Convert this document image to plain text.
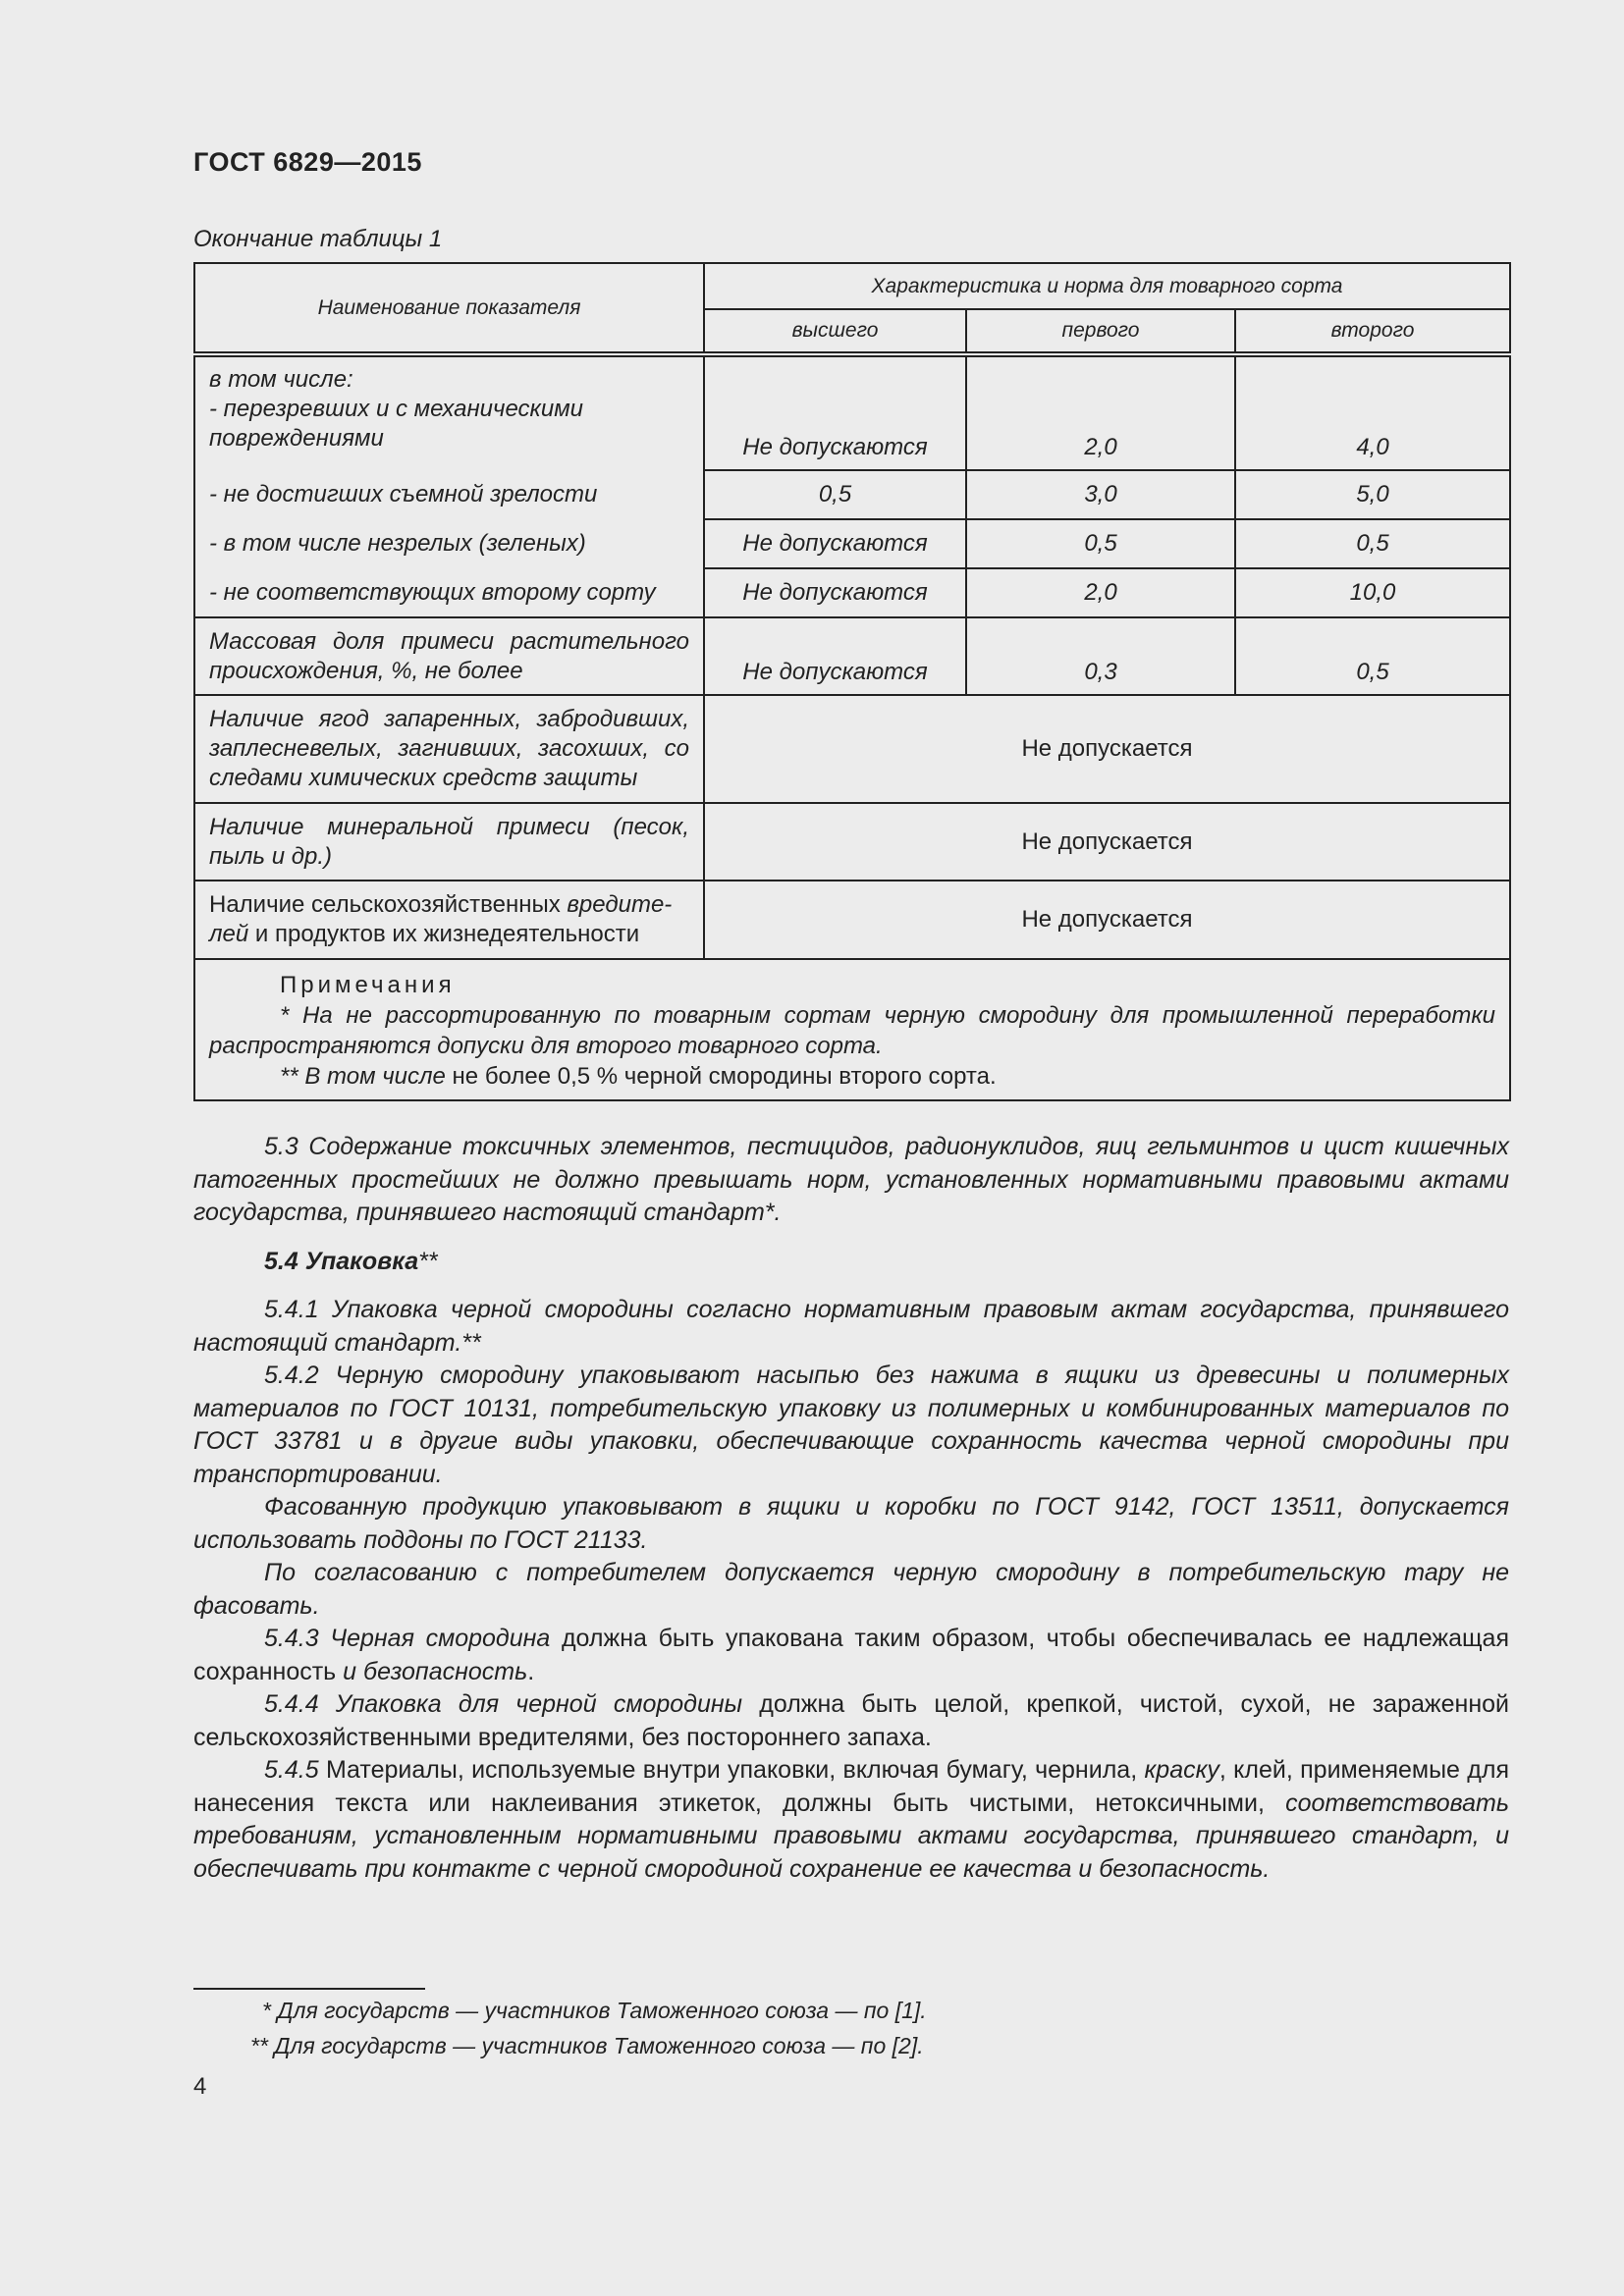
ГОСТ 6829—2015
Окончание таблицы 1
Наименование показателя	Характеристика и норма для товарного сорта		
	высшего	первого	второго

в том числе:
- перезревших и с механическими повреждениями	Не допускаются	2,0	4,0
- не достигших съемной зрелости	0,5	3,0	5,0
- в том числе незрелых (зеленых)	Не допускаются	0,5	0,5
- не соответствующих второму сорту	Не допускаются	2,0	10,0
Массовая доля примеси растительного происхождения, %, не более	Не допускаются	0,3	0,5
Наличие ягод запаренных, забродивших, заплесневелых, загнивших, засохших, со следами химических средств защиты	Не допускается		
Наличие минеральной примеси (песок, пыль и др.)	Не допускается		
Наличие сельскохозяйственных вредите- лей и продуктов их жизнедеятельности	Не допускается		

Примечания
* На не рассортированную по товарным сортам черную смородину для промышленной переработки распространяются допуски для второго товарного сорта.
** В том числе не более 0,5 % черной смородины второго сорта.			

5.3 Содержание токсичных элементов, пестицидов, радионуклидов, яиц гельминтов и цист кишечных патогенных простейших не должно превышать норм, установленных нормативными правовыми актами государства, принявшего настоящий стандарт*.

5.4 Упаковка**

5.4.1 Упаковка черной смородины согласно нормативным правовым актам государства, принявшего настоящий стандарт.**

5.4.2 Черную смородину упаковывают насыпью без нажима в ящики из древесины и полимерных материалов по ГОСТ 10131, потребительскую упаковку из полимерных и комбинированных материалов по ГОСТ 33781 и в другие виды упаковки, обеспечивающие сохранность качества черной смородины при транспортировании.

Фасованную продукцию упаковывают в ящики и коробки по ГОСТ 9142, ГОСТ 13511, допускается использовать поддоны по ГОСТ 21133.

По согласованию с потребителем допускается черную смородину в потребительскую тару не фасовать.

5.4.3 Черная смородина должна быть упакована таким образом, чтобы обеспечивалась ее надлежащая сохранность и безопасность.

5.4.4 Упаковка для черной смородины должна быть целой, крепкой, чистой, сухой, не зараженной сельскохозяйственными вредителями, без постороннего запаха.

5.4.5 Материалы, используемые внутри упаковки, включая бумагу, чернила, краску, клей, применяемые для нанесения текста или наклеивания этикеток, должны быть чистыми, нетоксичными, соответствовать требованиям, установленным нормативными правовыми актами государства, принявшего стандарт, и обеспечивать при контакте с черной смородиной сохранение ее качества и безопасность.

* Для государств — участников Таможенного союза — по [1].

** Для государств — участников Таможенного союза — по [2].

4
